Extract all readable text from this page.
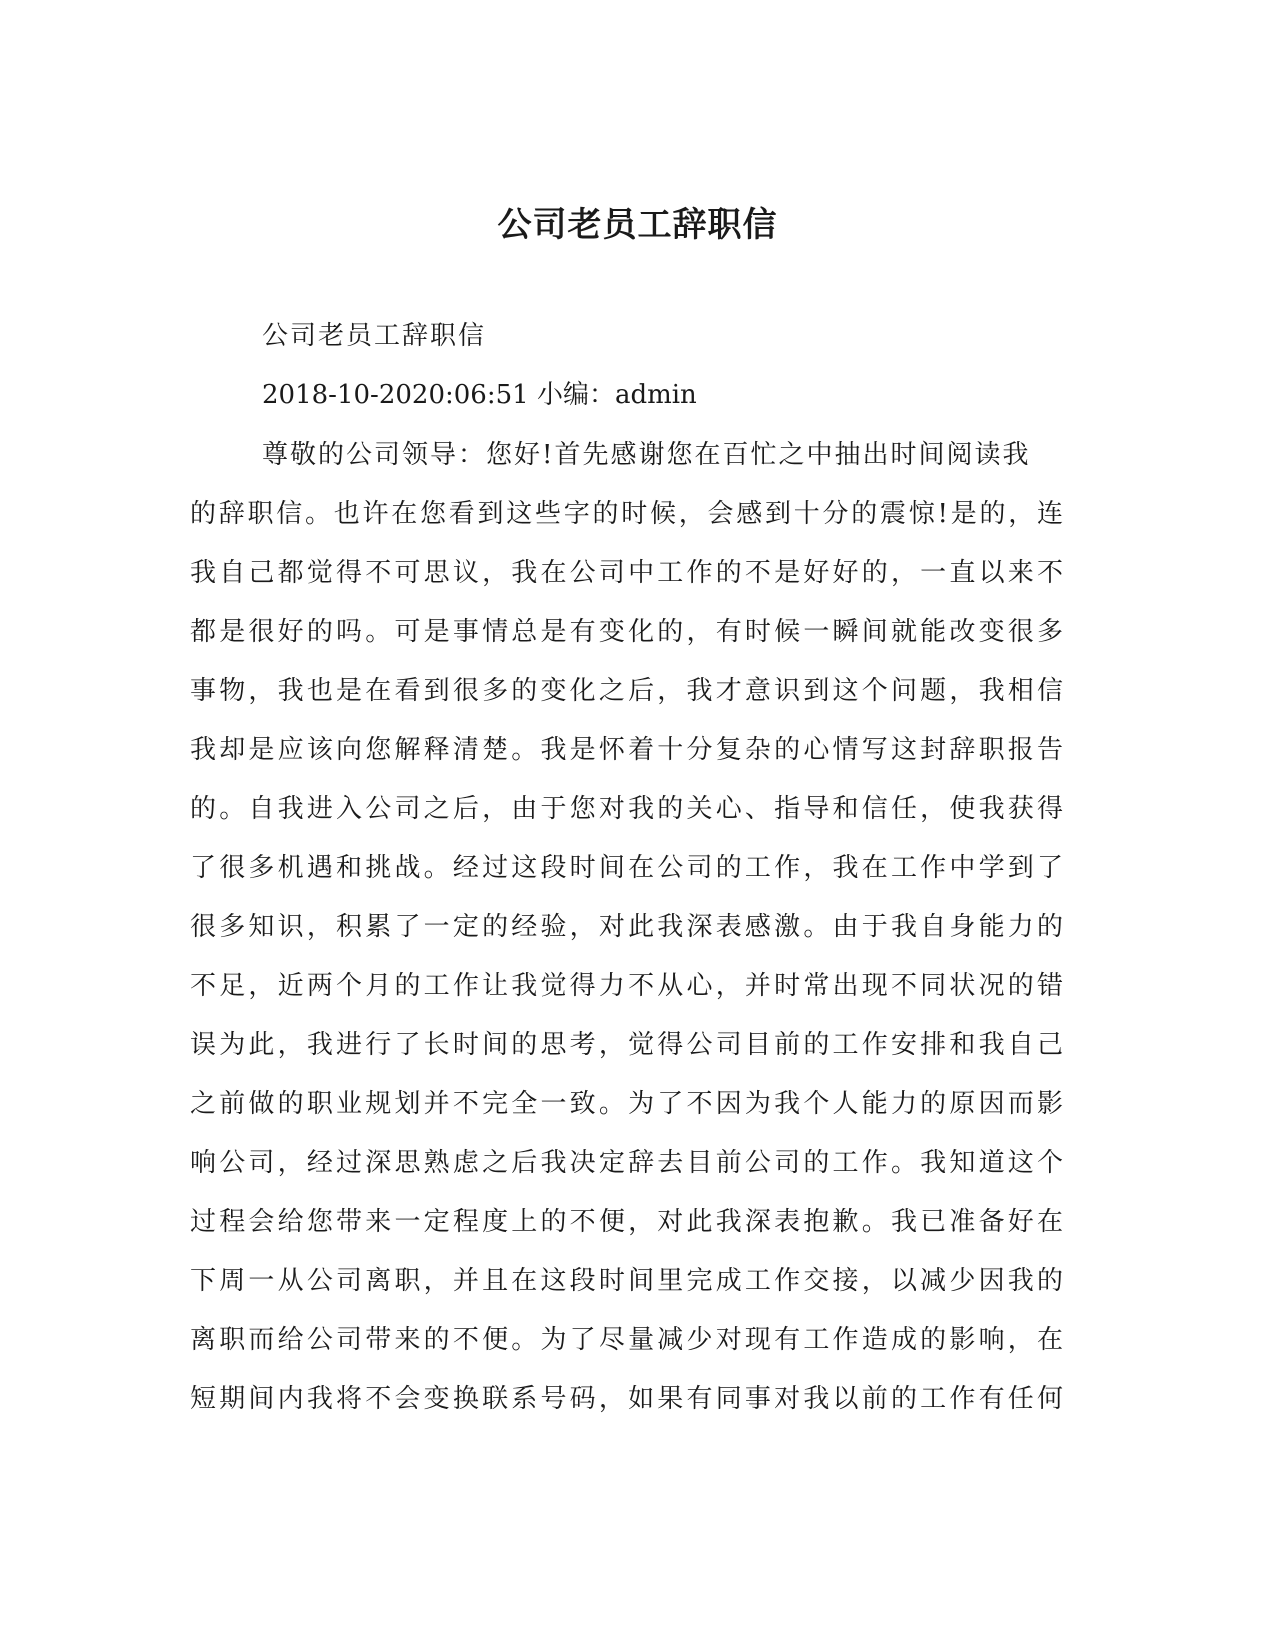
公司老员工辞职信
公司老员工辞职信
2018-10-2020:06:51 小编：admin
尊敬的公司领导：您好!首先感谢您在百忙之中抽出时间阅读我
的辞职信。也许在您看到这些字的时候，会感到十分的震惊!是的，连
我自己都觉得不可思议，我在公司中工作的不是好好的，一直以来不
都是很好的吗。可是事情总是有变化的，有时候一瞬间就能改变很多
事物，我也是在看到很多的变化之后，我才意识到这个问题，我相信
我却是应该向您解释清楚。我是怀着十分复杂的心情写这封辞职报告
的。自我进入公司之后，由于您对我的关心、指导和信任，使我获得
了很多机遇和挑战。经过这段时间在公司的工作，我在工作中学到了
很多知识，积累了一定的经验，对此我深表感激。由于我自身能力的
不足，近两个月的工作让我觉得力不从心，并时常出现不同状况的错
误为此，我进行了长时间的思考，觉得公司目前的工作安排和我自己
之前做的职业规划并不完全一致。为了不因为我个人能力的原因而影
响公司，经过深思熟虑之后我决定辞去目前公司的工作。我知道这个
过程会给您带来一定程度上的不便，对此我深表抱歉。我已准备好在
下周一从公司离职，并且在这段时间里完成工作交接，以减少因我的
离职而给公司带来的不便。为了尽量减少对现有工作造成的影响，在
短期间内我将不会变换联系号码，如果有同事对我以前的工作有任何
